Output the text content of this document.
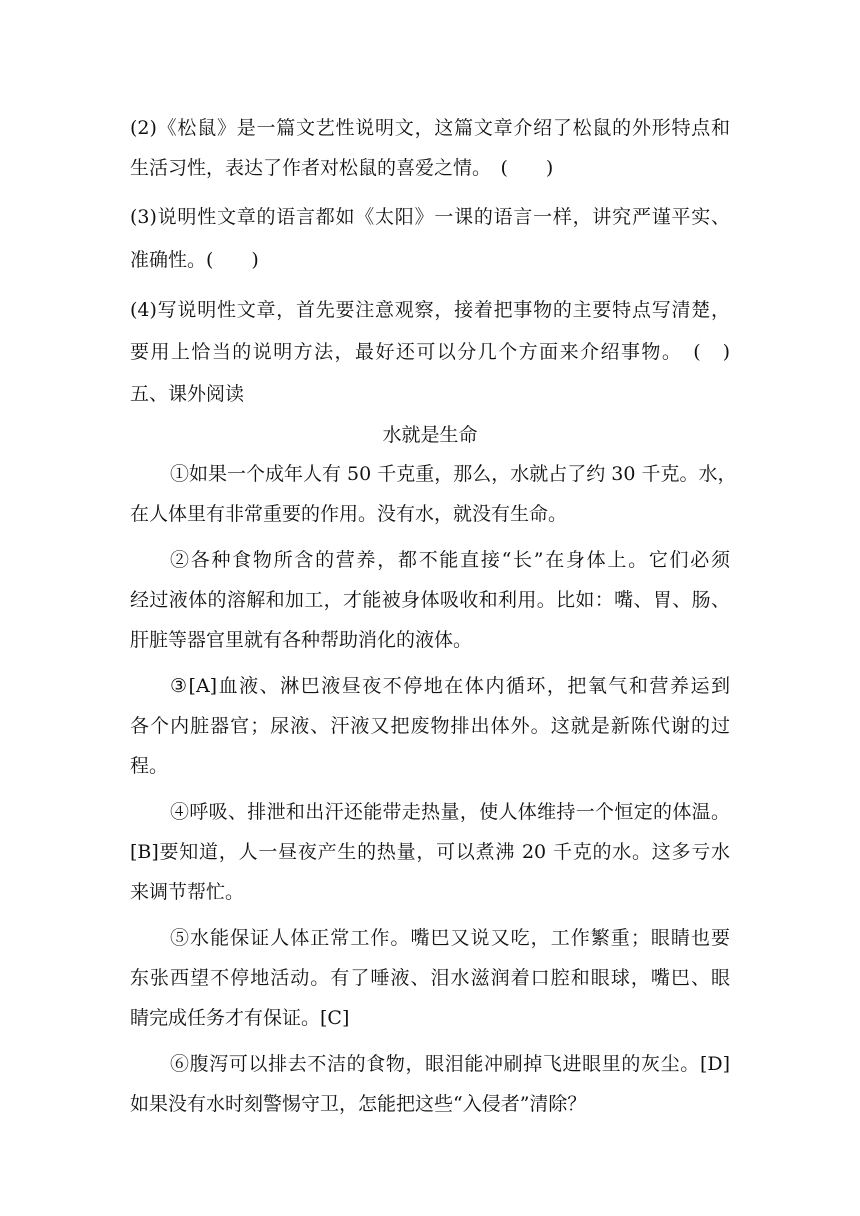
(2)《松鼠》是一篇文艺性说明文，这篇文章介绍了松鼠的外形特点和
生活习性，表达了作者对松鼠的喜爱之情。　(　　)
(3)说明性文章的语言都如《太阳》一课的语言一样，讲究严谨平实、
准确性。(　　)
(4)写说明性文章，首先要注意观察，接着把事物的主要特点写清楚，
要用上恰当的说明方法，最好还可以分几个方面来介绍事物。　(　)
五、课外阅读
水就是生命
①如果一个成年人有 50 千克重，那么，水就占了约 30 千克。水，
在人体里有非常重要的作用。没有水，就没有生命。
②各种食物所含的营养，都不能直接“长”在身体上。它们必须
经过液体的溶解和加工，才能被身体吸收和利用。比如：嘴、胃、肠、
肝脏等器官里就有各种帮助消化的液体。
③[A]血液、淋巴液昼夜不停地在体内循环，把氧气和营养运到
各个内脏器官；尿液、汗液又把废物排出体外。这就是新陈代谢的过
程。
④呼吸、排泄和出汗还能带走热量，使人体维持一个恒定的体温。
[B]要知道，人一昼夜产生的热量，可以煮沸 20 千克的水。这多亏水
来调节帮忙。
⑤水能保证人体正常工作。嘴巴又说又吃，工作繁重；眼睛也要
东张西望不停地活动。有了唾液、泪水滋润着口腔和眼球，嘴巴、眼
睛完成任务才有保证。[C]
⑥腹泻可以排去不洁的食物，眼泪能冲刷掉飞进眼里的灰尘。[D]
如果没有水时刻警惕守卫，怎能把这些“入侵者”清除？
